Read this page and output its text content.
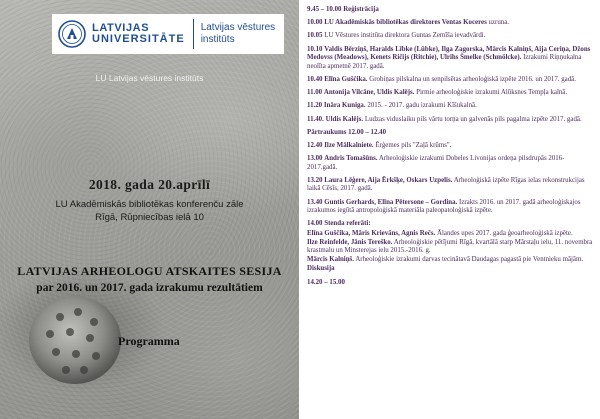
LATVIJAS
UNIVERSITĀTE
Latvijas vēstures
institūts
LU Latvijas vēstures institūts
2018. gada 20.aprīlī
LU Akadēmiskās bibliotēkas konferenču zāle
Rīgā, Rūpniecības ielā 10
LATVIJAS ARHEOLOGU ATSKAITES SESIJA
par 2016. un 2017. gada izrakumu rezultātiem
Programma
9.45 – 10.00 Reģistrācija
10.00 LU Akadēmiskās bibliotēkas direktores Ventas Koceres uzruna.
10.05 LU Vēstures institūta direktora Guntas Zemīša ievadvārdi.
10.10 Valdis Bērziņš, Haralds Lībke (Lübke), Ilga Zagorska, Mārcis Kalniņš, Aija Ceriņa, Džons Medovss (Meadows), Kenets Ričijs (Ritchie), Ulrihs Šmelke (Schmölcke). Izrakumi Riņņukalna neolīta apmetnē 2017. gadā.
10.40 Elīna Guščika. Grobiņas pilskalna un senpilsētas arheoloģiskā izpēte 2016. un 2017. gadā.
11.00 Antonija Vilcāne, Uldis Kalējs. Pirmie arheoloģiskie izrakumi Alūksnes Tempļa kalnā.
11.20 Ināra Kuniga. 2015. - 2017. gadu izrakumi Kīšukalnā.
11.40. Uldis Kalējs. Ludzas viduslaiku pils vārtu torņa un galvenās pils pagalma izpēte 2017. gadā.
Pārtraukums 12.00 – 12.40
12.40 Ilze Mālkalniete. Ērģemes pils "Zaļā krūms".
13.00 Andris Tomašūns. Arheoloģiskie izrakumi Dobeles Livonijas ordeņa pilsdrupās 2016-2017.gadā.
13.20 Laura Lēģere, Aija Ērkšķe, Oskars Uzpelis. Arheoloģiskā izpēte Rīgas ielas rekonstrukcijas laikā Cēsīs, 2017. gadā.
13.40 Guntis Gerhards, Elīna Pētersone – Gordina. Izrakts 2016. un 2017. gadā arheoloģiskajos izrakumos iegūtā antropoloģiskā materiāla paleopatoloģiskā izpēte.
14.00 Stenda referāti:
Elīna Guščika, Māris Krieväns, Agnis Rečs. Ālandes upes 2017. gada ģeoarheoloģiskā izpēte.
Ilze Reinfelde, Jānis Tereško. Arheoloģiskie pētījumi Rīgā, kvartālā starp Mārstaļu ielu, 11. novembra krastmalu un Minsterejas ielu 2015.-2016. g.
Mārcis Kalniņš. Arheoloģiskie izrakumi darvas tecinātavā Daudagas pagastā pie Ventnieku mājām.
Diskusija
14.20 – 15.00
